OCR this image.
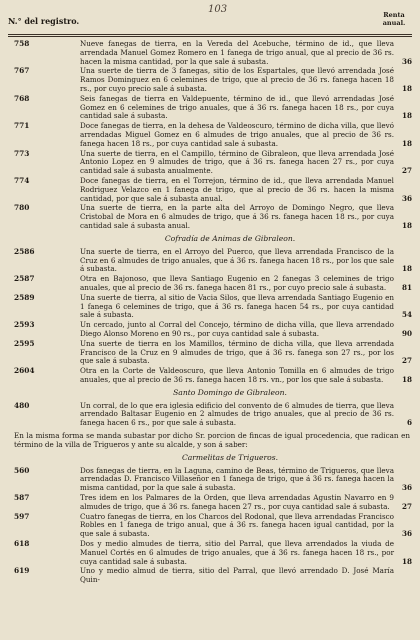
103
N.° del registro.
Renta
anual.
758	Nueve fanegas de tierra, en la Vereda del Acebuche, término de id., que lleva arrendada Manuel Gomez Romero en 1 fanega de trigo anual, que al precio de 36 rs. hacen la misma cantidad, por la que sale á subasta.	36
767	Una suerte de tierra de 3 fanegas, sitio de los Espartales, que llevó arrendada José Ramos Dominguez en 6 celemines de trigo, que al precio de 36 rs. fanega hacen 18 rs., por cuyo precio sale á subasta.	18
768	Seis fanegas de tierra en Valdepuente, término de id., que llevó arrendadas José Gomez en 6 celemines de trigo anuales, que á 36 rs. fanega hacen 18 rs., por cuya cantidad sale á subasta.	18
771	Doce fanegas de tierra, en la dehesa de Valdeoscuro, término de dicha villa, que llevó arrendadas Miguel Gomez en 6 almudes de trigo anuales, que al precio de 36 rs. fanega hacen 18 rs., por cuya cantidad sale á subasta.	18
773	Una suerte de tierra, en el Campillo, término de Gibraleon, que lleva arrendada José Antonio Lopez en 9 almudes de trigo, que á 36 rs. fanega hacen 27 rs., por cuya cantidad sale á subasta anualmente.	27
774	Doce fanegas de tierra, en el Torrejon, término de id., que lleva arrendada Manuel Rodriguez Velazco en 1 fanega de trigo, que al precio de 36 rs. hacen la misma cantidad, por que sale á subasta anual.	36
780	Una suerte de tierra, en la parte alta del Arroyo de Domingo Negro, que lleva Cristobal de Mora en 6 almudes de trigo, que á 36 rs. fanega hacen 18 rs., por cuya cantidad sale á subasta anual.	18
Cofradía de Animas de Gibraleon.
2586	Una suerte de tierra, en el Arroyo del Puerco, que lleva arrendada Francisco de la Cruz en 6 almudes de trigo anuales, que á 36 rs. fanega hacen 18 rs., por los que sale á subasta.	18
2587	Otra en Bajonoso, que lleva Santiago Eugenio en 2 fanegas 3 celemines de trigo anuales, que al precio de 36 rs. fanega hacen 81 rs., por cuyo precio sale á subasta. 81
2589	Una suerte de tierra, al sitio de Vacia Silos, que lleva arrendada Santiago Eugenio en 1 fanega 6 celemines de trigo, que á 36 rs. fanega hacen 54 rs., por cuya cantidad sale á subasta.	54
2593	Un cercado, junto al Corral del Concejo, término de dicha villa, que lleva arrendado Diego Alonso Moreno en 90 rs., por cuya cantidad sale á subasta.	90
2595	Una suerte de tierra en los Mamillos, término de dicha villa, que lleva arrendada Francisco de la Cruz en 9 almudes de trigo, que á 36 rs. fanega son 27 rs., por los que sale á subasta.	27
2604	Otra en la Corte de Valdeoscuro, que lleva Antonio Tomilla en 6 almudes de trigo anuales, que al precio de 36 rs. fanega hacen 18 rs. vn., por los que sale á subasta.	18
Santo Domingo de Gibraleon.
480	Un corral, de lo que era iglesia edificio del convento de 6 almudes de tierra, que lleva arrendado Baltasar Eugenio en 2 almudes de trigo anuales, que al precio de 36 rs. fanega hacen 6 rs., por que sale á subasta.	6
En la misma forma se manda subastar por dicho Sr. porcion de fincas de igual procedencia, que radican en término de la villa de Trigueros y ante su alcalde, y son á saber:
Carmelitas de Trigueros.
560	Dos fanegas de tierra, en la Laguna, camino de Beas, término de Trigueros, que lleva arrendadas D. Francisco Villaseñor en 1 fanega de trigo, que á 36 rs. fanega hacen la misma cantidad, por la que sale á subasta.	36
587	Tres idem en los Palmares de la Orden, que lleva arrendadas Agustin Navarro en 9 almudes de trigo, que á 36 rs. fanega hacen 27 rs., por cuya cantidad sale á subasta. 27
597	Cuatro fanegas de tierra, en los Charcos del Rodonal, que lleva arrendadas Francisco Robles en 1 fanega de trigo anual, que á 36 rs. fanega hacen igual cantidad, por la que sale á subasta.	36
618	Dos y medio almudes de tierra, sitio del Parral, que lleva arrendados la viuda de Manuel Cortés en 6 almudes de trigo anuales, que á 36 rs. fanega hacen 18 rs., por cuya cantidad sale á subasta.	18
619	Uno y medio almud de tierra, sitio del Parral, que llevó arrendado D. José María Quin-
